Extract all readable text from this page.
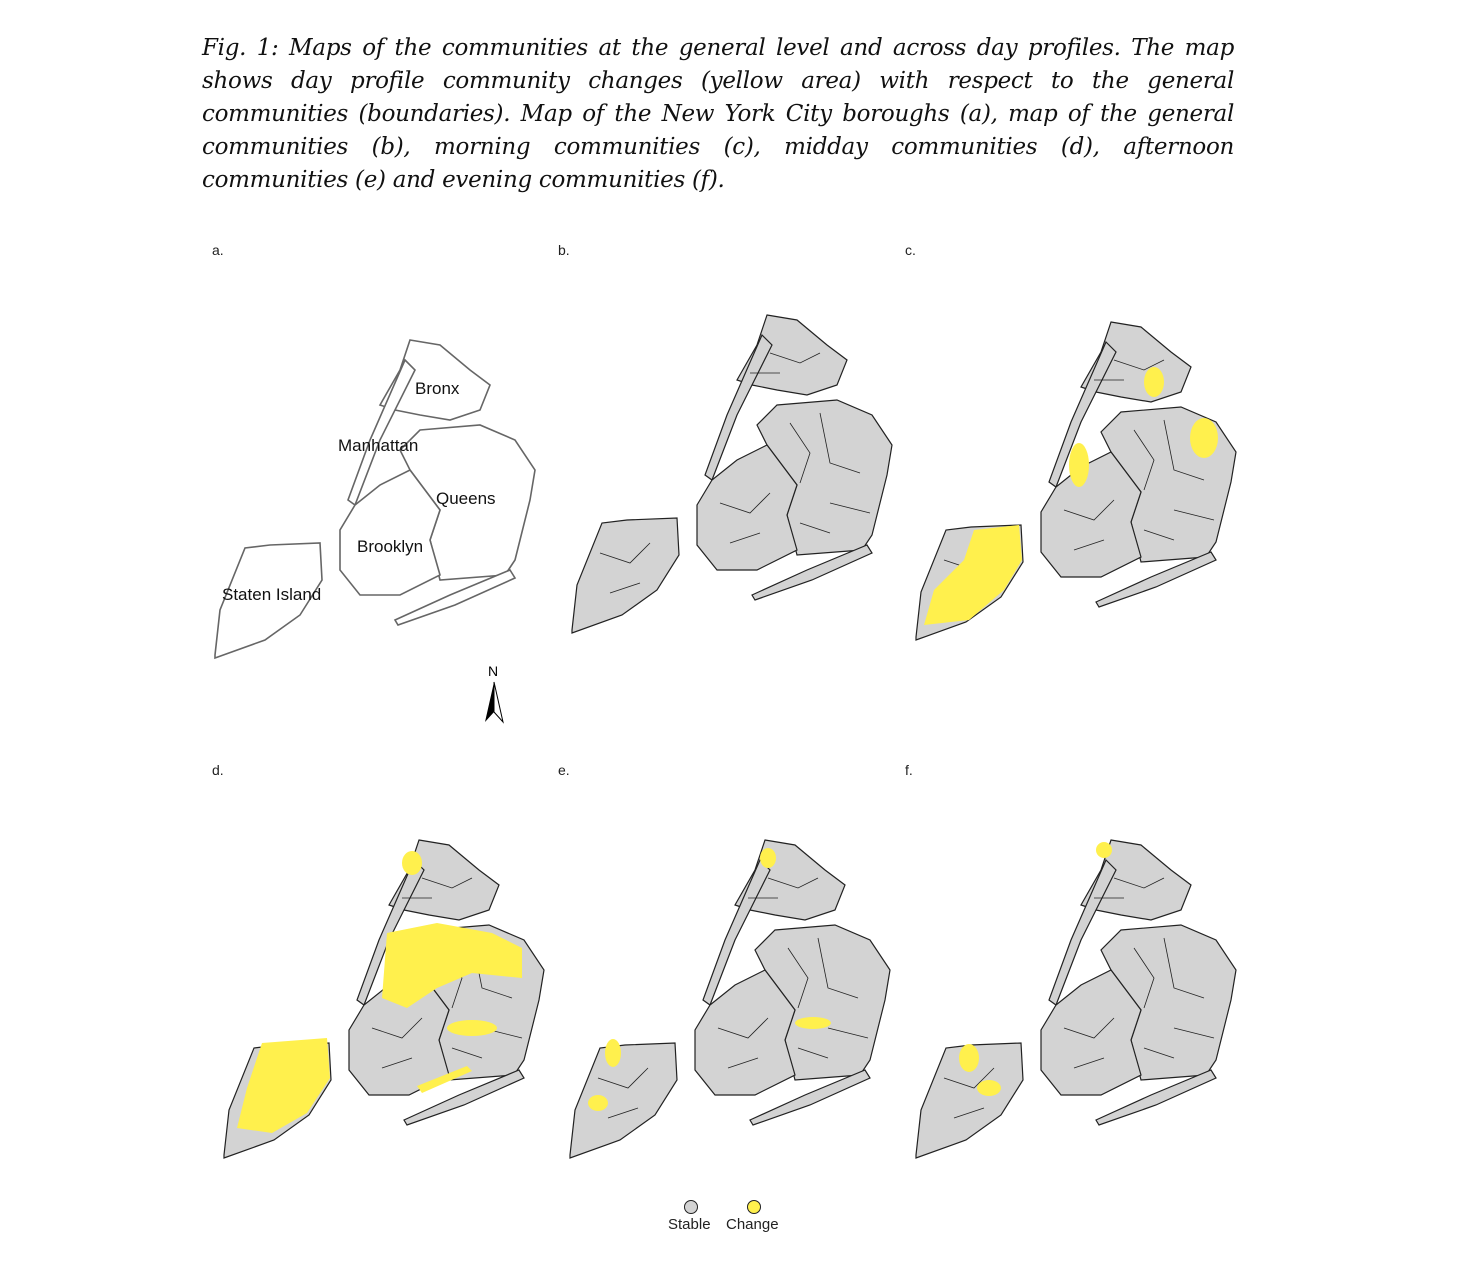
Fig. 1: Maps of the communities at the general level and across day profiles. The map shows day profile community changes (yellow area) with respect to the general communities (boundaries). Map of the New York City boroughs (a), map of the general communities (b), morning communities (c), midday communities (d), afternoon communities (e) and evening communities (f).
a.	b.	c.
d.	e.	f.
Bronx
Manhattan
Queens
Brooklyn
Staten Island
N
Stable Change
